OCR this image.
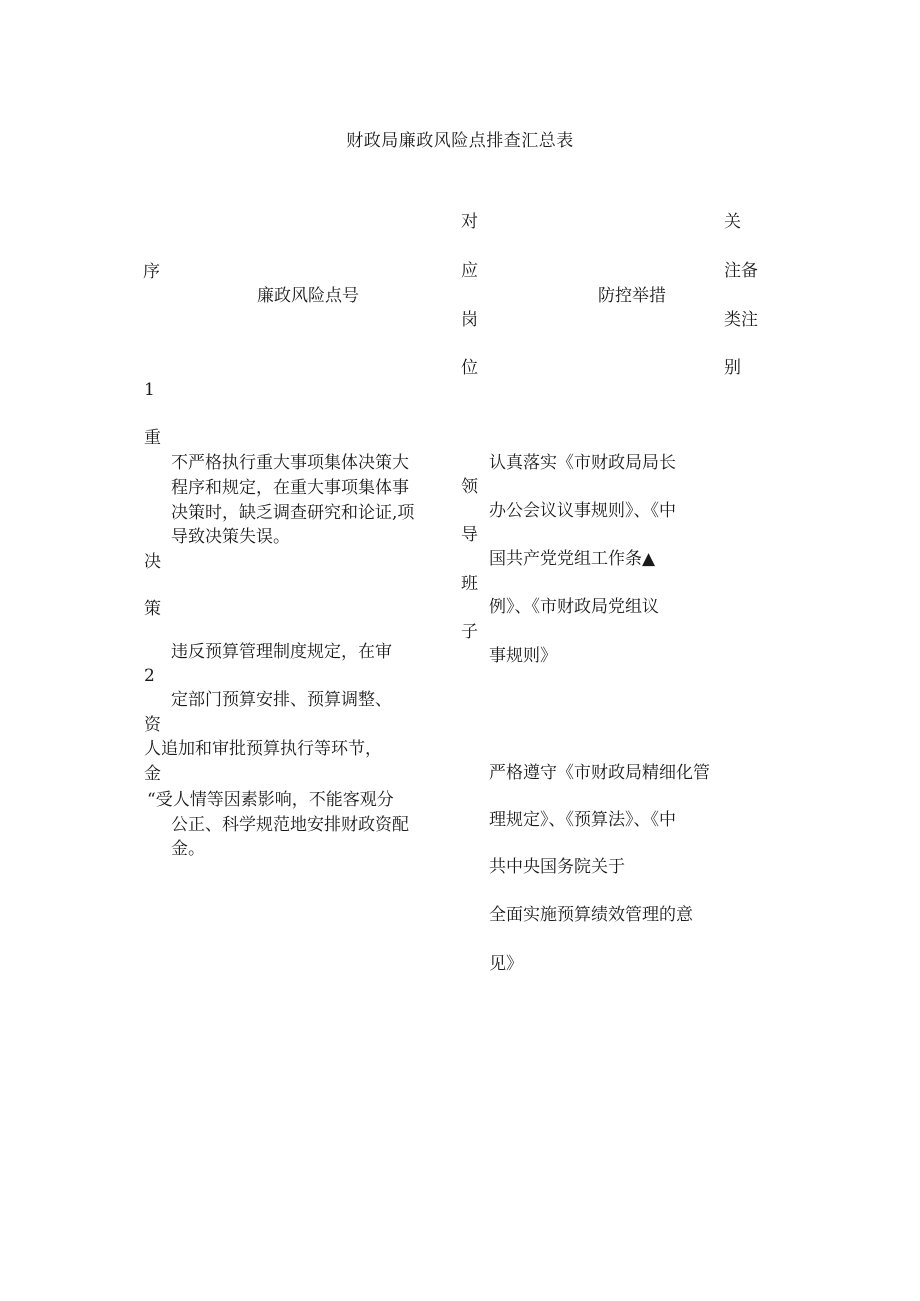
财政局廉政风险点排查汇总表
序
廉政风险点号
对
应
岗
位
防控举措
关
注备
类 注
别
1
重
决
策
不严格执行重大事项集体决策大
程序和规定，在重大事项集体事
决策时，缺乏调查研究和论证,项
导致决策失误。
领
导
班
子
认真落实《市财政局局长
办公会议议事规则》、《中
国共产党党组工作条▲
例》、《市财政局党组议
事规则》
违反预算管理制度规定，在审
2
定部门预算安排、预算调整、
资
人追加和审批预算执行等环节，
金
“受人情等因素影响，不能客观分
公正、科学规范地安排财政资配
金。
严格遵守《市财政局精细化管
理规定》、《预算法》、《中
共中央国务院关于
全面实施预算绩效管理的意
见》
